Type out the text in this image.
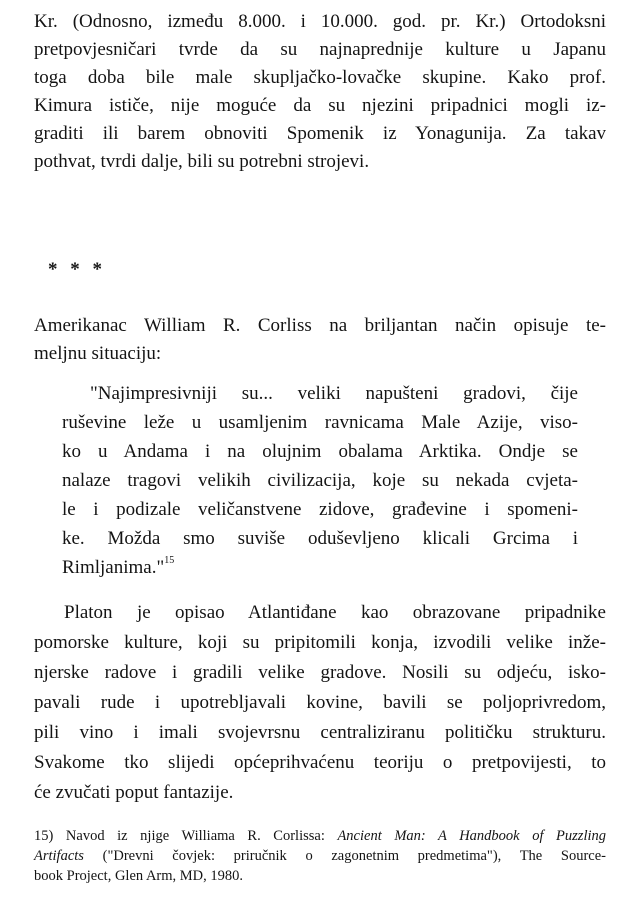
Kr. (Odnosno, između 8.000. i 10.000. god. pr. Kr.) Ortodoksni
pretpovjesničari tvrde da su najnaprednije kulture u Japanu
toga doba bile male skupljačko-lovačke skupine. Kako prof.
Kimura ističe, nije moguće da su njezini pripadnici mogli iz-
graditi ili barem obnoviti Spomenik iz Yonagunija. Za takav
pothvat, tvrdi dalje, bili su potrebni strojevi.
* * *
Amerikanac William R. Corliss na briljantan način opisuje te-
meljnu situaciju:
"Najimpresivniji su... veliki napušteni gradovi, čije
ruševine leže u usamljenim ravnicama Male Azije, viso-
ko u Andama i na olujnim obalama Arktika. Ondje se
nalaze tragovi velikih civilizacija, koje su nekada cvjeta-
le i podizale veličanstvene zidove, građevine i spomeni-
ke. Možda smo suviše oduševljeno klicali Grcima i
Rimljanima."$^{15}$
Platon je opisao Atlantiđane kao obrazovane pripadnike
pomorske kulture, koji su pripitomili konja, izvodili velike inže-
njerske radove i gradili velike gradove. Nosili su odjeću, isko-
pavali rude i upotrebljavali kovine, bavili se poljoprivredom,
pili vino i imali svojevrsnu centraliziranu političku strukturu.
Svakome tko slijedi općeprihvaćenu teoriju o pretpovijesti, to
će zvučati poput fantazije.
15) Navod iz njige Williama R. Corlissa: Ancient Man: A Handbook of Puzzling
Artifacts ("Drevni čovjek: priručnik o zagonetnim predmetima"), The Source-
book Project, Glen Arm, MD, 1980.
